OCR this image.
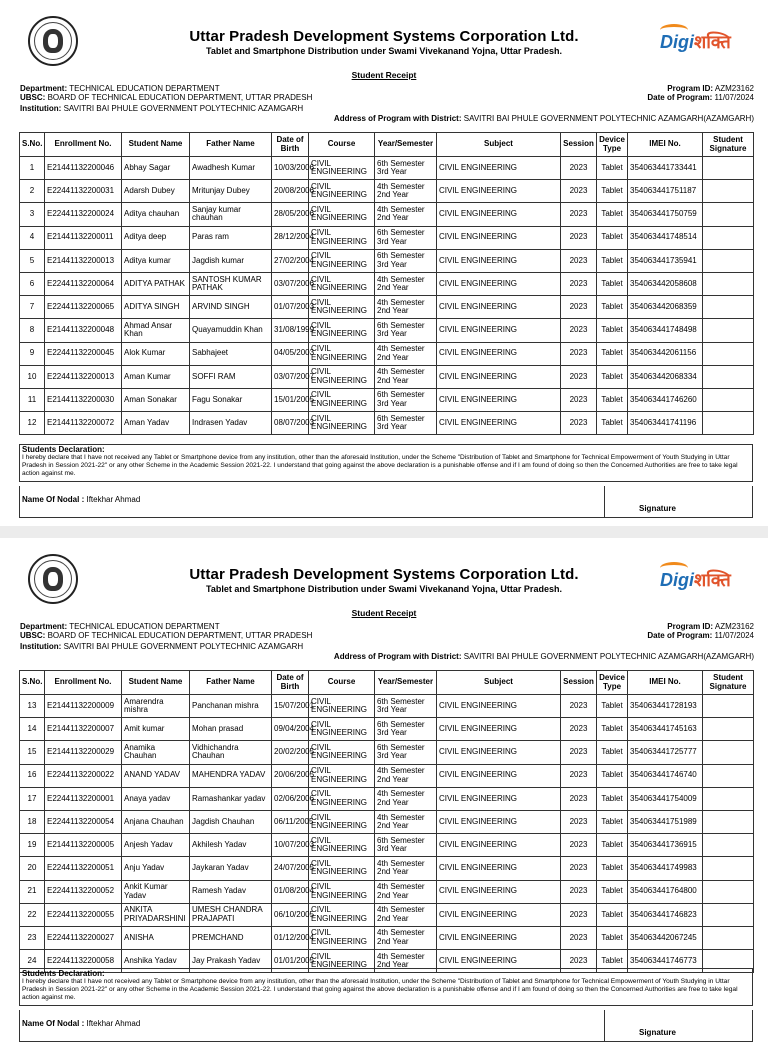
Uttar Pradesh Development Systems Corporation Ltd.
Tablet and Smartphone Distribution under Swami Vivekanand Yojna, Uttar Pradesh.	Digiशक्ति
Student Receipt
Department: TECHNICAL EDUCATION DEPARTMENT
UBSC: BOARD OF TECHNICAL EDUCATION DEPARTMENT, UTTAR PRADESH
Institution: SAVITRI BAI PHULE GOVERNMENT POLYTECHNIC AZAMGARH
Program ID: AZM23162
Date of Program: 11/07/2024
Address of Program with District: SAVITRI BAI PHULE GOVERNMENT POLYTECHNIC AZAMGARH(AZAMGARH)
S.No.	Enrollment No.	Student Name	Father Name	Date of Birth	Course	Year/Semester	Subject	Session	Device Type	IMEI No.	Student Signature
1	E21441132200046	Abhay Sagar	Awadhesh Kumar	10/03/2006	CIVIL ENGINEERING	6th Semester 3rd Year	CIVIL ENGINEERING	2023	Tablet	354063441733441	
2	E22441132200031	Adarsh Dubey	Mritunjay Dubey	20/08/2006	CIVIL ENGINEERING	4th Semester 2nd Year	CIVIL ENGINEERING	2023	Tablet	354063441751187	
3	E22441132200024	Aditya chauhan	Sanjay kumar chauhan	28/05/2006	CIVIL ENGINEERING	4th Semester 2nd Year	CIVIL ENGINEERING	2023	Tablet	354063441750759	
4	E21441132200011	Aditya deep	Paras ram	28/12/2004	CIVIL ENGINEERING	6th Semester 3rd Year	CIVIL ENGINEERING	2023	Tablet	354063441748514	
5	E21441132200013	Aditya kumar	Jagdish kumar	27/02/2004	CIVIL ENGINEERING	6th Semester 3rd Year	CIVIL ENGINEERING	2023	Tablet	354063441735941	
6	E22441132200064	ADITYA PATHAK	SANTOSH KUMAR PATHAK	03/07/2006	CIVIL ENGINEERING	4th Semester 2nd Year	CIVIL ENGINEERING	2023	Tablet	354063442058608	
7	E22441132200065	ADITYA SINGH	ARVIND SINGH	01/07/2003	CIVIL ENGINEERING	4th Semester 2nd Year	CIVIL ENGINEERING	2023	Tablet	354063442068359	
8	E21441132200048	Ahmad Ansar Khan	Quayamuddin Khan	31/08/1999	CIVIL ENGINEERING	6th Semester 3rd Year	CIVIL ENGINEERING	2023	Tablet	354063441748498	
9	E22441132200045	Alok Kumar	Sabhajeet	04/05/2003	CIVIL ENGINEERING	4th Semester 2nd Year	CIVIL ENGINEERING	2023	Tablet	354063442061156	
10	E22441132200013	Aman Kumar	SOFFI RAM	03/07/2007	CIVIL ENGINEERING	4th Semester 2nd Year	CIVIL ENGINEERING	2023	Tablet	354063442068334	
11	E21441132200030	Aman Sonakar	Fagu Sonakar	15/01/2005	CIVIL ENGINEERING	6th Semester 3rd Year	CIVIL ENGINEERING	2023	Tablet	354063441746260	
12	E21441132200072	Aman Yadav	Indrasen Yadav	08/07/2003	CIVIL ENGINEERING	6th Semester 3rd Year	CIVIL ENGINEERING	2023	Tablet	354063441741196	
Students Declaration:
I hereby declare that I have not received any Tablet or Smartphone device from any institution, other than the aforesaid Institution, under the Scheme "Distribution of Tablet and Smartphone for Technical Empowerment of Youth Studying in Uttar Pradesh in Session 2021-22" or any other Scheme in the Academic Session 2021-22. I understand that going against the above declaration is a punishable offense and if I am found of doing so then the Concerned Authorities are free to take legal action against me.
Name Of Nodal : Iftekhar Ahmad
Signature
Uttar Pradesh Development Systems Corporation Ltd.
Tablet and Smartphone Distribution under Swami Vivekanand Yojna, Uttar Pradesh.	Digiशक्ति
Student Receipt
Department: TECHNICAL EDUCATION DEPARTMENT
UBSC: BOARD OF TECHNICAL EDUCATION DEPARTMENT, UTTAR PRADESH
Institution: SAVITRI BAI PHULE GOVERNMENT POLYTECHNIC AZAMGARH
Program ID: AZM23162
Date of Program: 11/07/2024
Address of Program with District: SAVITRI BAI PHULE GOVERNMENT POLYTECHNIC AZAMGARH(AZAMGARH)
S.No.	Enrollment No.	Student Name	Father Name	Date of Birth	Course	Year/Semester	Subject	Session	Device Type	IMEI No.	Student Signature
13	E21441132200009	Amarendra mishra	Panchanan mishra	15/07/2001	CIVIL ENGINEERING	6th Semester 3rd Year	CIVIL ENGINEERING	2023	Tablet	354063441728193	
14	E21441132200007	Amit kumar	Mohan prasad	09/04/2004	CIVIL ENGINEERING	6th Semester 3rd Year	CIVIL ENGINEERING	2023	Tablet	354063441745163	
15	E21441132200029	Anamika Chauhan	Vidhichandra Chauhan	20/02/2005	CIVIL ENGINEERING	6th Semester 3rd Year	CIVIL ENGINEERING	2023	Tablet	354063441725777	
16	E22441132200022	ANAND YADAV	MAHENDRA YADAV	20/06/2005	CIVIL ENGINEERING	4th Semester 2nd Year	CIVIL ENGINEERING	2023	Tablet	354063441746740	
17	E22441132200001	Anaya yadav	Ramashankar yadav	02/06/2006	CIVIL ENGINEERING	4th Semester 2nd Year	CIVIL ENGINEERING	2023	Tablet	354063441754009	
18	E22441132200054	Anjana Chauhan	Jagdish Chauhan	06/11/2005	CIVIL ENGINEERING	4th Semester 2nd Year	CIVIL ENGINEERING	2023	Tablet	354063441751989	
19	E21441132200005	Anjesh Yadav	Akhilesh Yadav	10/07/2003	CIVIL ENGINEERING	6th Semester 3rd Year	CIVIL ENGINEERING	2023	Tablet	354063441736915	
20	E22441132200051	Anju Yadav	Jaykaran Yadav	24/07/2005	CIVIL ENGINEERING	4th Semester 2nd Year	CIVIL ENGINEERING	2023	Tablet	354063441749983	
21	E22441132200052	Ankit Kumar Yadav	Ramesh Yadav	01/08/2004	CIVIL ENGINEERING	4th Semester 2nd Year	CIVIL ENGINEERING	2023	Tablet	354063441764800	
22	E22441132200055	ANKITA PRIYADARSHINI	UMESH CHANDRA PRAJAPATI	06/10/2005	CIVIL ENGINEERING	4th Semester 2nd Year	CIVIL ENGINEERING	2023	Tablet	354063441746823	
23	E22441132200027	ANISHA	PREMCHAND	01/12/2004	CIVIL ENGINEERING	4th Semester 2nd Year	CIVIL ENGINEERING	2023	Tablet	354063442067245	
24	E22441132200058	Anshika Yadav	Jay Prakash Yadav	01/01/2005	CIVIL ENGINEERING	4th Semester 2nd Year	CIVIL ENGINEERING	2023	Tablet	354063441746773	
Students Declaration:
I hereby declare that I have not received any Tablet or Smartphone device from any institution, other than the aforesaid Institution, under the Scheme "Distribution of Tablet and Smartphone for Technical Empowerment of Youth Studying in Uttar Pradesh in Session 2021-22" or any other Scheme in the Academic Session 2021-22. I understand that going against the above declaration is a punishable offense and if I am found of doing so then the Concerned Authorities are free to take legal action against me.
Name Of Nodal : Iftekhar Ahmad
Signature
